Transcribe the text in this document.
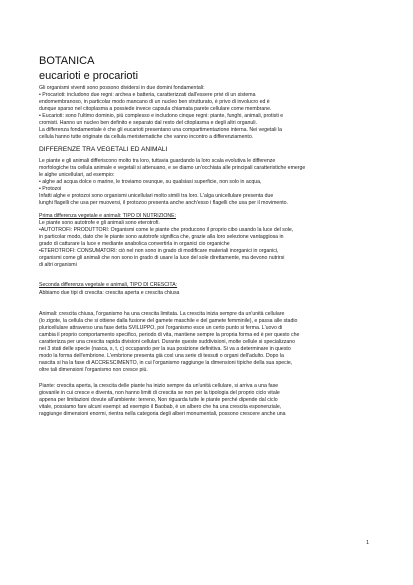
BOTANICA
eucarioti e procarioti
Gli organismi viventi sono possono dividersi in due domini fondamentali:
• Procarioti: includono due regni: archea e batteria, caratterizzati dall'essere privi di un sistema
endomembranoso, in particolar modo mancano di un nucleo ben strutturato, è privo di involucro ed è
dunque sparso nel citoplasma a possiede invece capsula chiamata parete cellulare come membrane.
• Eucarioti: sono l'ultimo dominio, più complesso e includono cinque regni: piante, funghi, animali, protisti e
cromisti. Hanno un nucleo ben definito e separato dal resto del citoplasma e degli altri organuli.
La differenza fondamentale è che gli eucarioti presentano una compartimentazione interna. Nei vegetali la
cellula hanno tutte originate da cellula meristematiche che vanno incontro a differenziamento.
DIFFERENZE TRA VEGETALI ED ANIMALI
Le piante e gli animali differiscono molto tra loro, tuttavia guardando la loro scala evolutiva le differenze
morfologiche tra cellula animale e vegetali si attenuano, e se diamo un'occhiata alle principali caratteristiche emerge
le alghe unicellulari, ad esempio:
• alghe ad acqua dolce o marine, le troviamo ovunque, su qualsiasi superficie, non solo in acqua,
• Protozoi
Infatti alghe e protozoi sono organismi unicellulari molto simili tra loro. L'alga unicellulare presenta due
lunghi flagelli che usa per muoversi, il protozoo presenta anche anch'esso i flagelli che usa per il movimento.
Prima differenza vegetale e animali: TIPO DI NUTRIZIONE:
Le piante sono autotrofe e gli animali sono eterotrofi.
•AUTOTROFI: PRODUTTORI: Organismi come le piante che producono il proprio cibo usando la luce del sole,
in particolar modo, dato che le piante sono autotrofe significa che, grazie alla loro selezione vantaggiosa in
grado di catturare la luce e mediante anabolica convertirla in organici cio organiche
•ETEROTROFI: CONSUMATORI: ciò nel non sono in grado di modificare materiali inorganici in organici,
organismi come gli animali che non sono in grado di usare la luce del sole direttamente, ma devono nutrirsi
di altri organismi
Seconda differenza vegetale e animali, TIPO DI CRESCITA:
Abbiamo due tipi di crescita: crescita aperta e crescita chiusa
Animali: crescita chiusa, l'organismo ha una crescita limitata. La crescita inizia sempre da un'unità cellulare
(lo zigote, la cellula che si ottiene dalla fusione del gamete maschile e del gamete femminile), e passa alle stadio
pluricellulare attraverso una fase detta SVILUPPO, poi l'organismo esce un certo punto si ferma. L'uovo di
cambia il proprio comportamento specifico, periodo di vita, mantiene sempre la propria forma ed è per questo che
caratterizza per una crescita rapida divisioni cellulari. Durante queste suddivisioni, molte cellule si specializzano
nei 3 stati delle specie (nasca, s, t, c) occupando per la sua posizione definitiva. Si va a determinare in questo
modo la forma dell'embrione. L'embrione presenta già così una serie di tessuti o organi dell'adulto. Dopo la
nascita si ha la fase di ACCRESCIMENTO, in cui l'organismo raggiunge la dimensioni tipiche della sua specie,
oltre tali dimensioni l'organismo non cresce più.
Piante: crescita aperta, la crescita delle piante ha inizio sempre da un'unità cellulare, si arriva a una fase
giovanile in cui cresce e diventa, non hanno limiti di crescita se non per la tipologia del proprio ciclo vitale
appena per limitazioni dovute all'ambiente: terreno, Non riguarda tutte le piante perché dipende dal ciclo
vitale, possiamo fare alcuni esempi: ad esempio il Baobab, è un albero che ha una crescita esponenziale,
raggiunge dimensioni enormi, rientra nella categoria degli alberi monumentali, possono crescere anche una
1
